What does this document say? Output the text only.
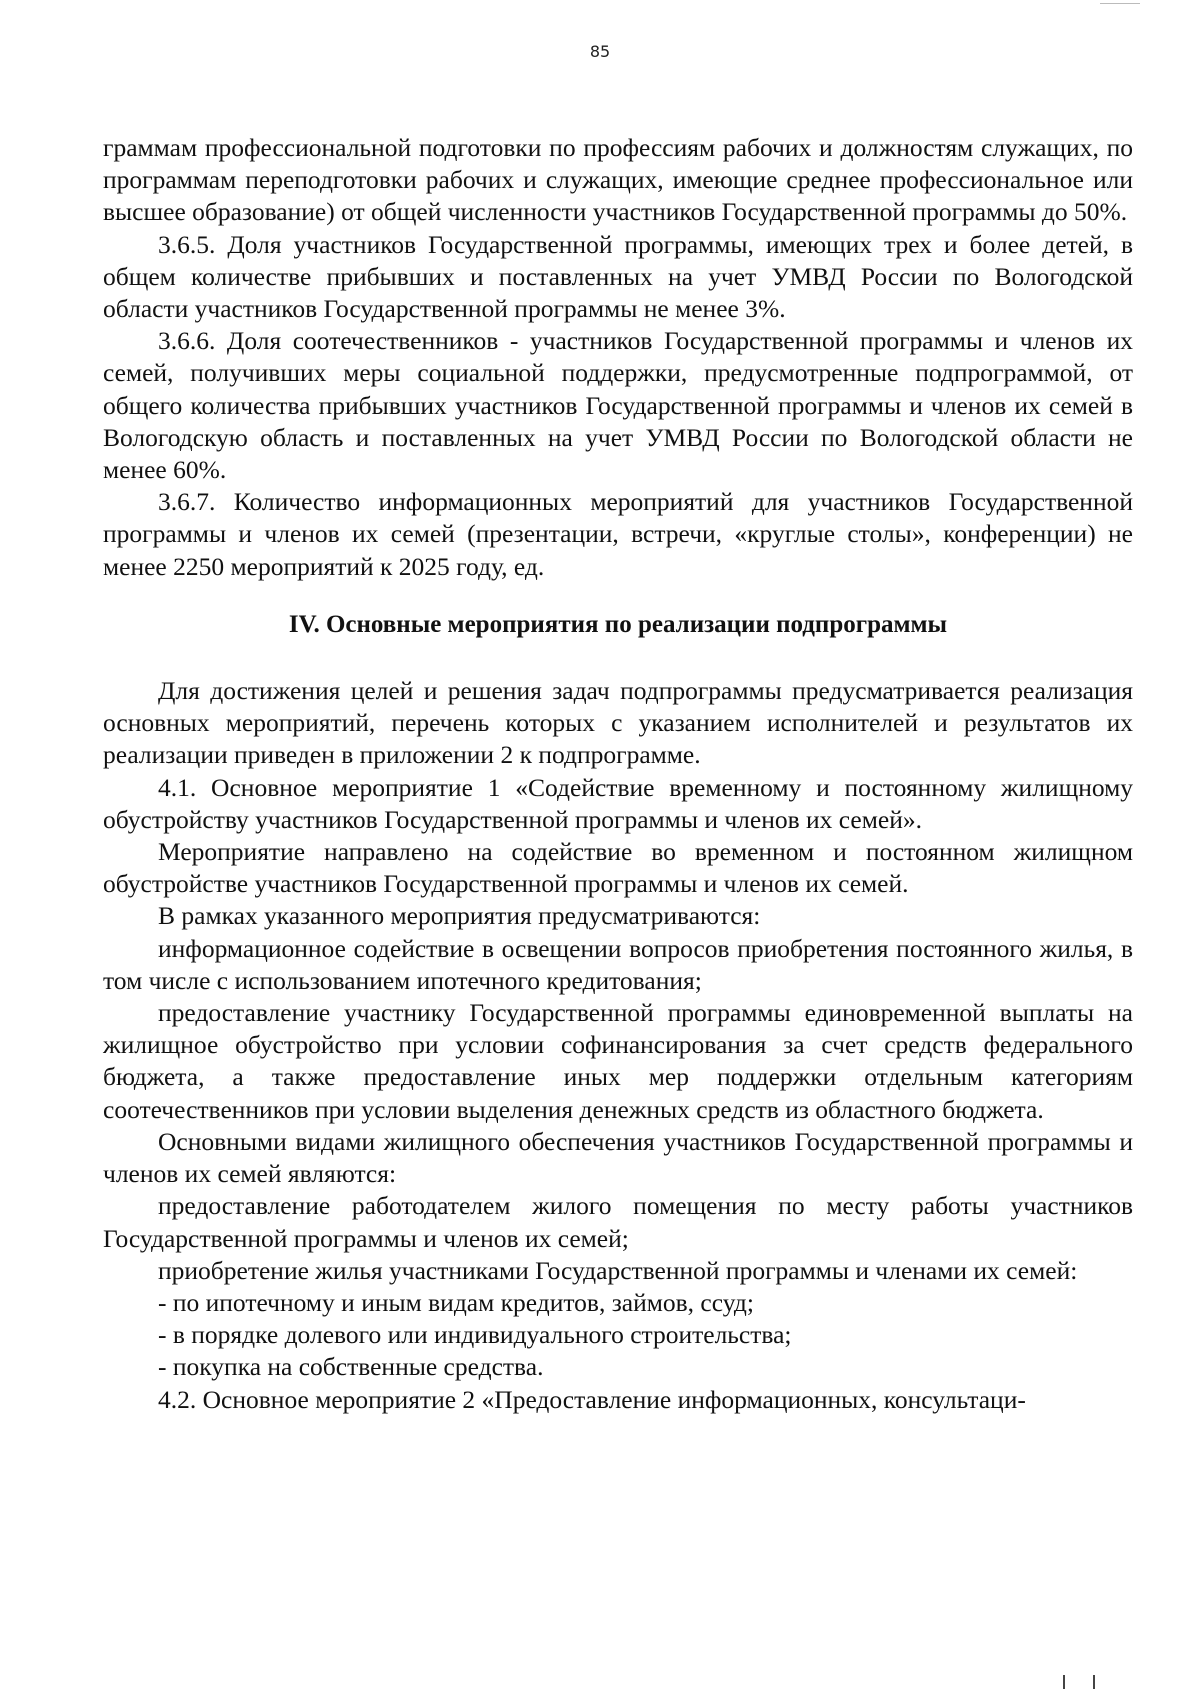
85

граммам профессиональной подготовки по профессиям рабочих и должностям служащих, по программам переподготовки рабочих и служащих, имеющие среднее профессиональное или высшее образование) от общей численности участников Государственной программы до 50%.

3.6.5. Доля участников Государственной программы, имеющих трех и более детей, в общем количестве прибывших и поставленных на учет УМВД России по Вологодской области участников Государственной программы не менее 3%.

3.6.6. Доля соотечественников - участников Государственной программы и членов их семей, получивших меры социальной поддержки, предусмотренные подпрограммой, от общего количества прибывших участников Государственной программы и членов их семей в Вологодскую область и поставленных на учет УМВД России по Вологодской области не менее 60%.

3.6.7. Количество информационных мероприятий для участников Государственной программы и членов их семей (презентации, встречи, «круглые столы», конференции) не менее 2250 мероприятий к 2025 году, ед.

IV. Основные мероприятия по реализации подпрограммы

Для достижения целей и решения задач подпрограммы предусматривается реализация основных мероприятий, перечень которых с указанием исполнителей и результатов их реализации приведен в приложении 2 к подпрограмме.

4.1. Основное мероприятие 1 «Содействие временному и постоянному жилищному обустройству участников Государственной программы и членов их семей».

Мероприятие направлено на содействие во временном и постоянном жилищном обустройстве участников Государственной программы и членов их семей.

В рамках указанного мероприятия предусматриваются:

информационное содействие в освещении вопросов приобретения постоянного жилья, в том числе с использованием ипотечного кредитования;

предоставление участнику Государственной программы единовременной выплаты на жилищное обустройство при условии софинансирования за счет средств федерального бюджета, а также предоставление иных мер поддержки отдельным категориям соотечественников при условии выделения денежных средств из областного бюджета.

Основными видами жилищного обеспечения участников Государственной программы и членов их семей являются:

предоставление работодателем жилого помещения по месту работы участников Государственной программы и членов их семей;

приобретение жилья участниками Государственной программы и членами их семей:

- по ипотечному и иным видам кредитов, займов, ссуд;

- в порядке долевого или индивидуального строительства;

- покупка на собственные средства.

4.2. Основное мероприятие 2 «Предоставление информационных, консультаци-
